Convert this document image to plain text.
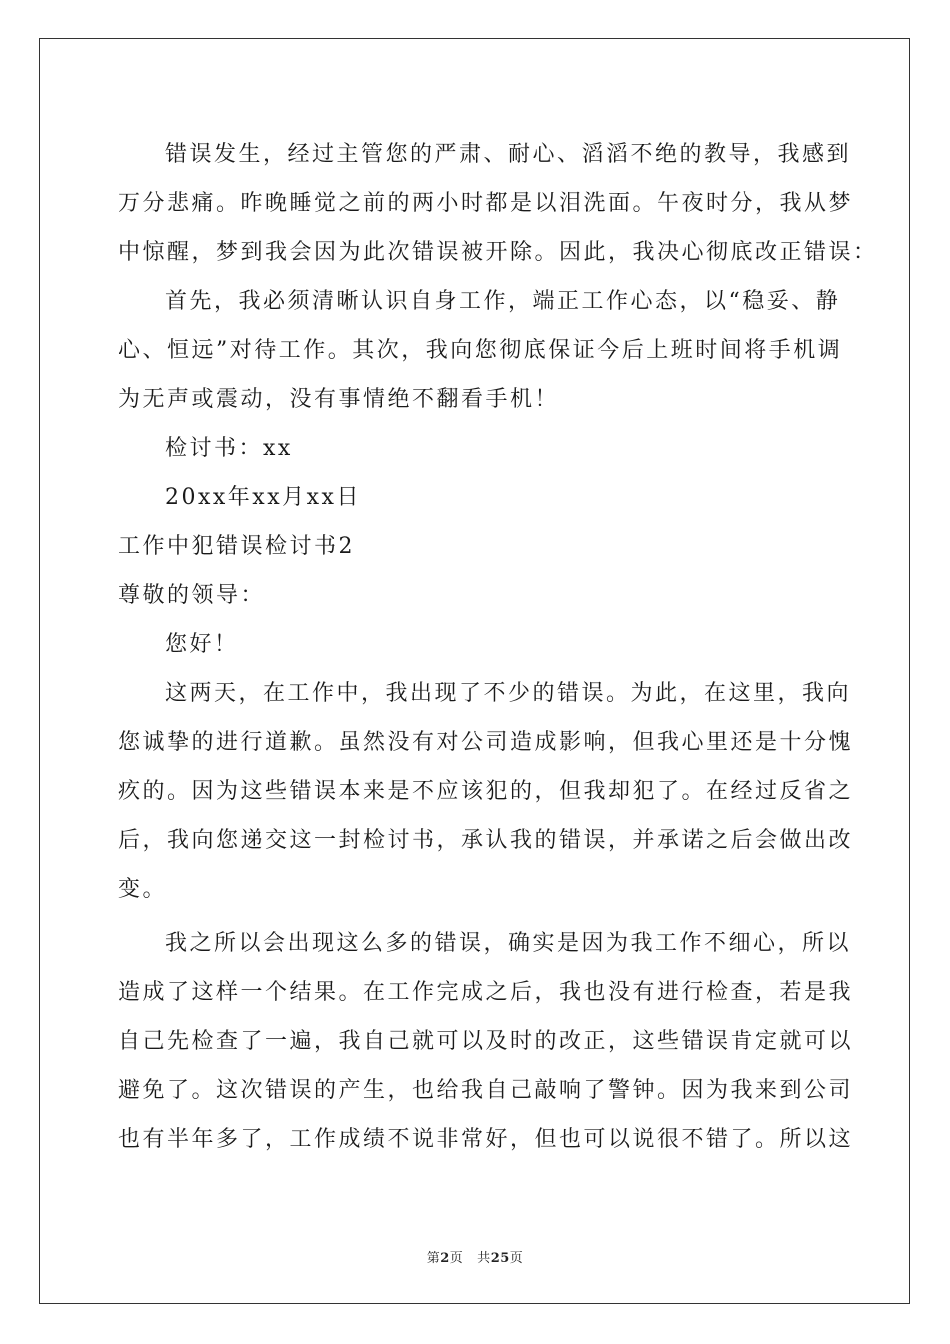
错误发生，经过主管您的严肃、耐心、滔滔不绝的教导，我感到
万分悲痛。昨晚睡觉之前的两小时都是以泪洗面。午夜时分，我从梦
中惊醒，梦到我会因为此次错误被开除。因此，我决心彻底改正错误：
首先，我必须清晰认识自身工作，端正工作心态，以“稳妥、静
心、恒远”对待工作。其次，我向您彻底保证今后上班时间将手机调
为无声或震动，没有事情绝不翻看手机！
检讨书：xx
20xx年xx月xx日
工作中犯错误检讨书2
尊敬的领导：
您好！
这两天，在工作中，我出现了不少的错误。为此，在这里，我向
您诚挚的进行道歉。虽然没有对公司造成影响，但我心里还是十分愧
疚的。因为这些错误本来是不应该犯的，但我却犯了。在经过反省之
后，我向您递交这一封检讨书，承认我的错误，并承诺之后会做出改
变。
我之所以会出现这么多的错误，确实是因为我工作不细心，所以
造成了这样一个结果。在工作完成之后，我也没有进行检查，若是我
自己先检查了一遍，我自己就可以及时的改正，这些错误肯定就可以
避免了。这次错误的产生，也给我自己敲响了警钟。因为我来到公司
也有半年多了，工作成绩不说非常好，但也可以说很不错了。所以这
第2页 共25页
